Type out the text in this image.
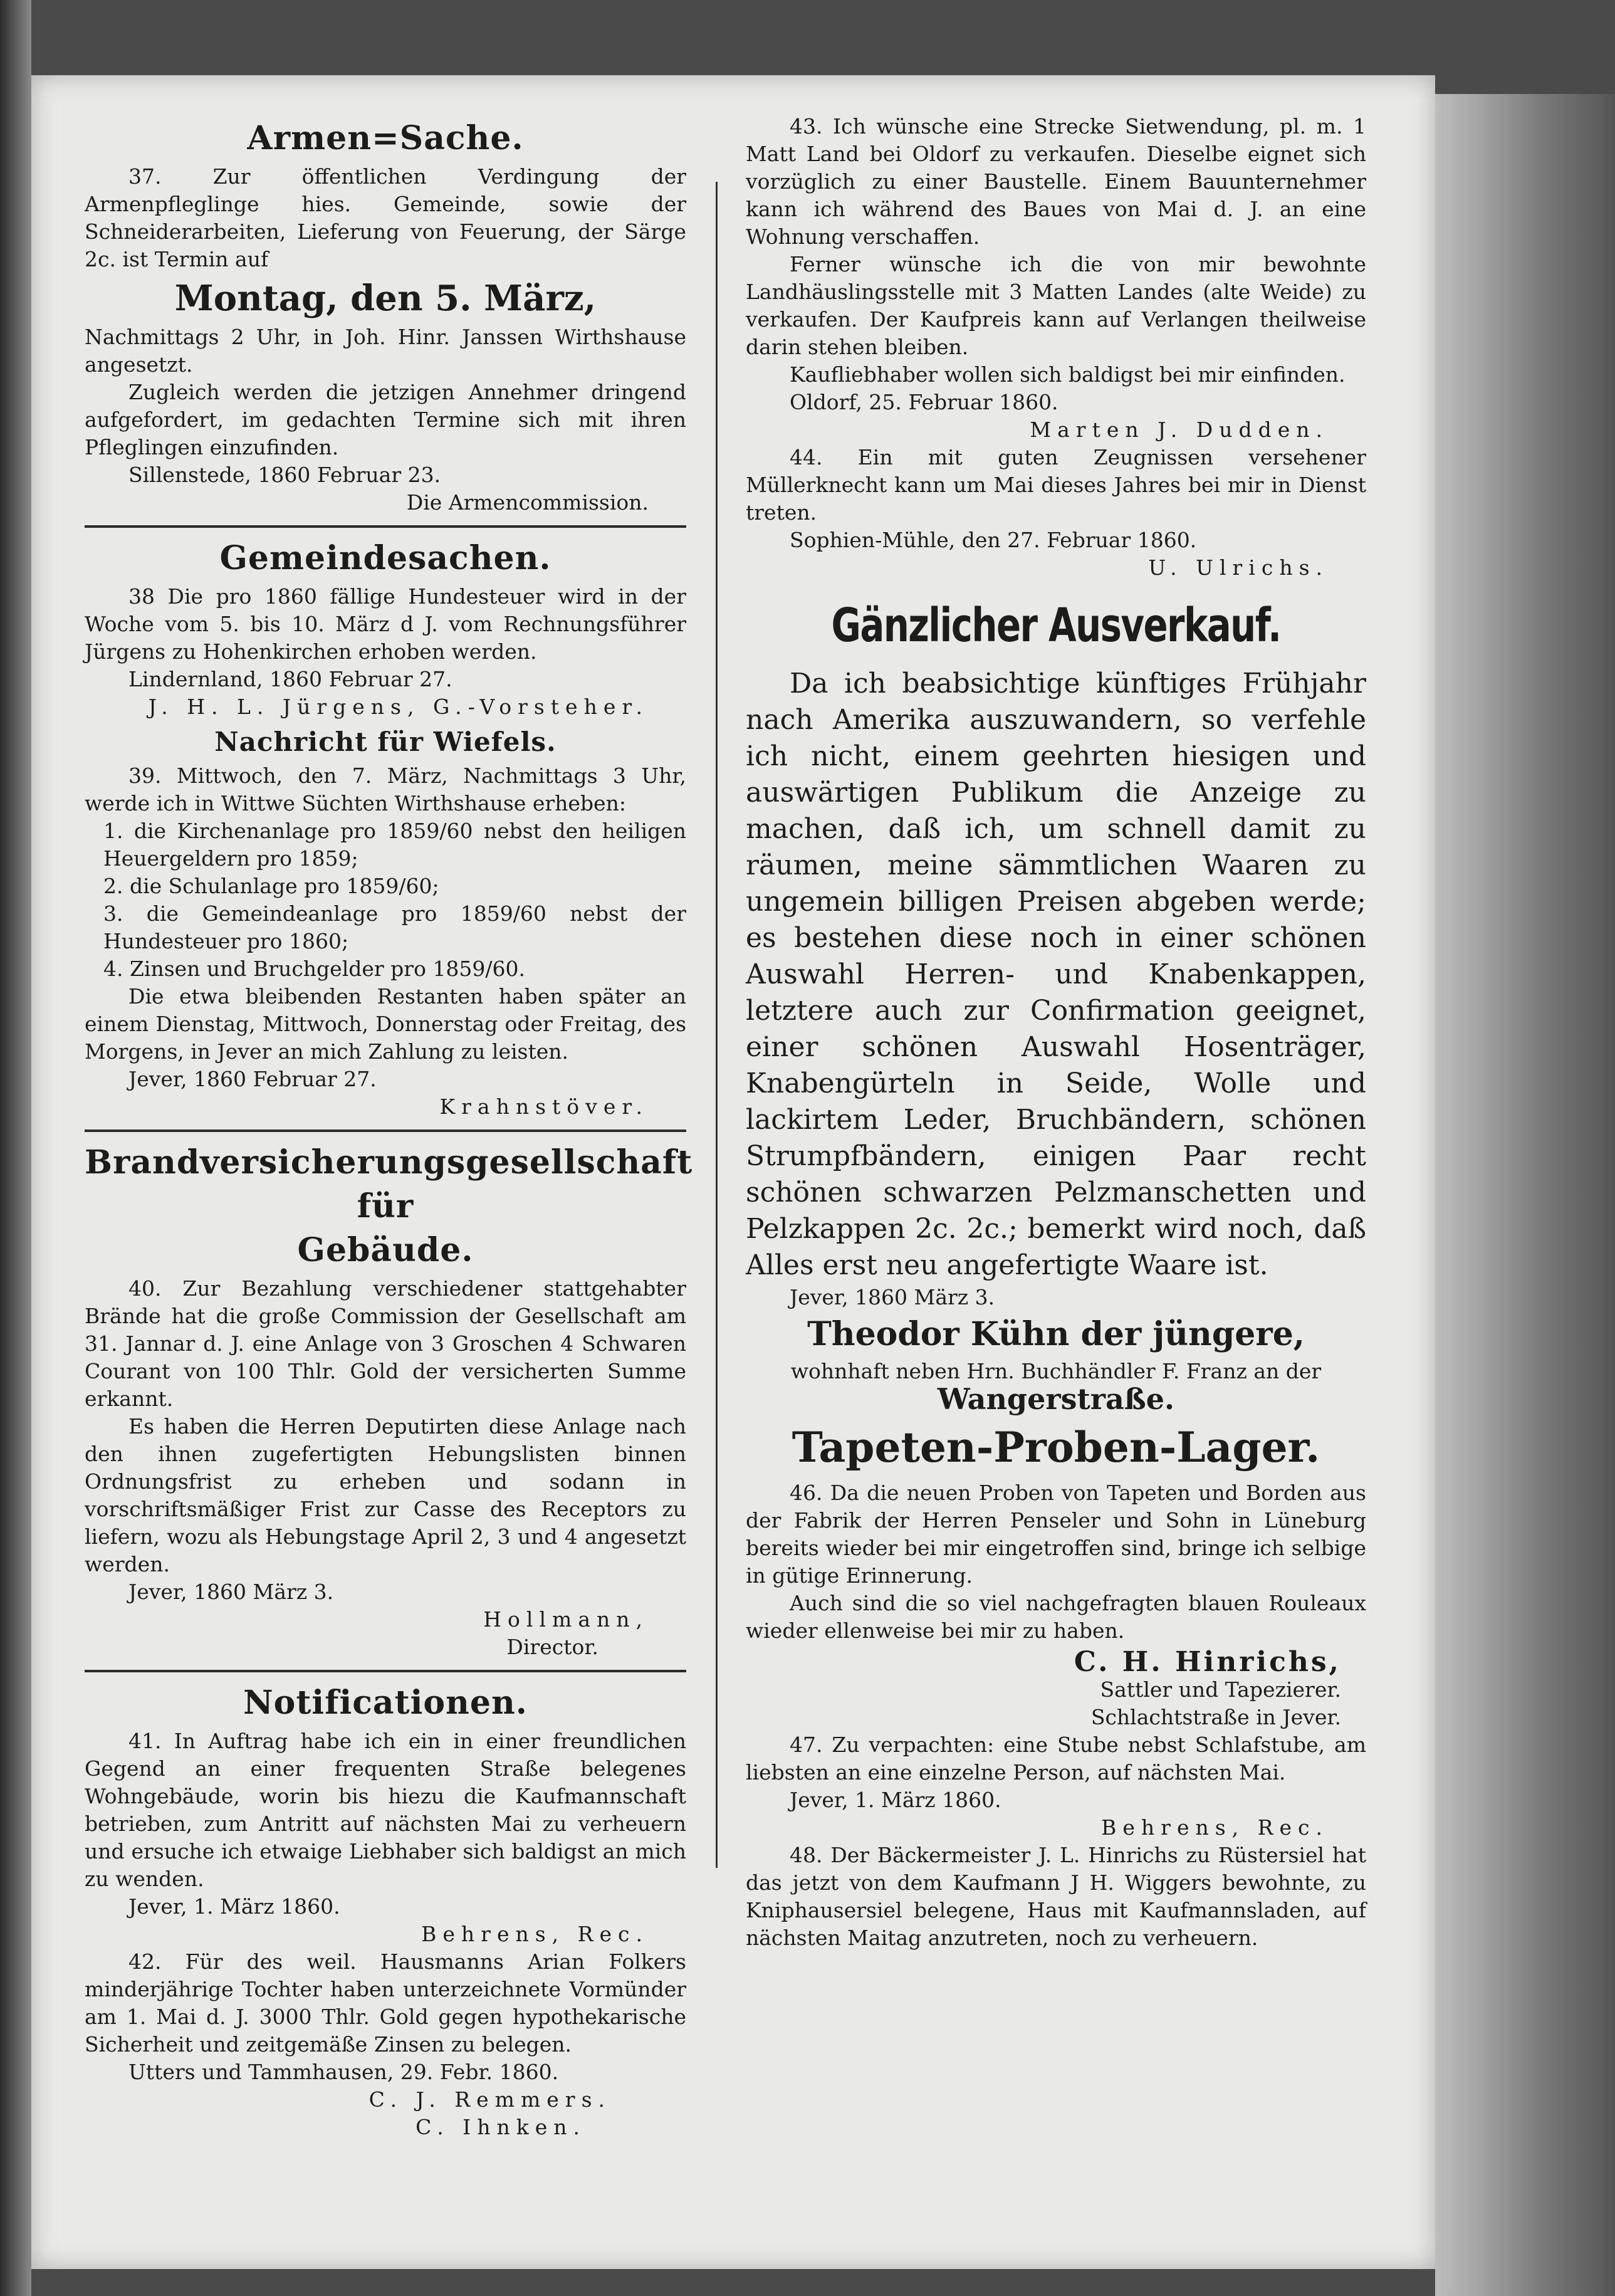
Armen=Sache.

37. Zur öffentlichen Verdingung der Armenpfleglinge hies. Gemeinde, sowie der Schneiderarbeiten, Lieferung von Feuerung, der Särge 2c. ist Termin auf

Montag, den 5. März,

Nachmittags 2 Uhr, in Joh. Hinr. Janssen Wirthshause angesetzt.

Zugleich werden die jetzigen Annehmer dringend aufgefordert, im gedachten Termine sich mit ihren Pfleglingen einzufinden.

Sillenstede, 1860 Februar 23.

Die Armencommission.

Gemeindesachen.

38 Die pro 1860 fällige Hundesteuer wird in der Woche vom 5. bis 10. März d J. vom Rechnungsführer Jürgens zu Hohenkirchen erhoben werden.

Lindernland, 1860 Februar 27.

J. H. L. Jürgens, G.-Vorsteher.

Nachricht für Wiefels.

39. Mittwoch, den 7. März, Nachmittags 3 Uhr, werde ich in Wittwe Süchten Wirthshause erheben:

1. die Kirchenanlage pro 1859/60 nebst den heiligen Heuergeldern pro 1859;

2. die Schulanlage pro 1859/60;

3. die Gemeindeanlage pro 1859/60 nebst der Hundesteuer pro 1860;

4. Zinsen und Bruchgelder pro 1859/60.

Die etwa bleibenden Restanten haben später an einem Dienstag, Mittwoch, Donnerstag oder Freitag, des Morgens, in Jever an mich Zahlung zu leisten.

Jever, 1860 Februar 27.

Krahnstöver.

Brandversicherungsgesellschaft für
Gebäude.

40. Zur Bezahlung verschiedener stattgehabter Brände hat die große Commission der Gesellschaft am 31. Jannar d. J. eine Anlage von 3 Groschen 4 Schwaren Courant von 100 Thlr. Gold der versicherten Summe erkannt.

Es haben die Herren Deputirten diese Anlage nach den ihnen zugefertigten Hebungslisten binnen Ordnungsfrist zu erheben und sodann in vorschriftsmäßiger Frist zur Casse des Receptors zu liefern, wozu als Hebungstage April 2, 3 und 4 angesetzt werden.

Jever, 1860 März 3.

Hollmann,

Director.

Notificationen.

41. In Auftrag habe ich ein in einer freundlichen Gegend an einer frequenten Straße belegenes Wohngebäude, worin bis hiezu die Kaufmannschaft betrieben, zum Antritt auf nächsten Mai zu verheuern und ersuche ich etwaige Liebhaber sich baldigst an mich zu wenden.

Jever, 1. März 1860.

Behrens, Rec.

42. Für des weil. Hausmanns Arian Folkers minderjährige Tochter haben unterzeichnete Vormünder am 1. Mai d. J. 3000 Thlr. Gold gegen hypothekarische Sicherheit und zeitgemäße Zinsen zu belegen.

Utters und Tammhausen, 29. Febr. 1860.

C. J. Remmers.

C. Ihnken.

43. Ich wünsche eine Strecke Sietwendung, pl. m. 1 Matt Land bei Oldorf zu verkaufen. Dieselbe eignet sich vorzüglich zu einer Baustelle. Einem Bauunternehmer kann ich während des Baues von Mai d. J. an eine Wohnung verschaffen.

Ferner wünsche ich die von mir bewohnte Landhäuslingsstelle mit 3 Matten Landes (alte Weide) zu verkaufen. Der Kaufpreis kann auf Verlangen theilweise darin stehen bleiben.

Kaufliebhaber wollen sich baldigst bei mir einfinden.

Oldorf, 25. Februar 1860.

Marten J. Dudden.

44. Ein mit guten Zeugnissen versehener Müllerknecht kann um Mai dieses Jahres bei mir in Dienst treten.

Sophien-Mühle, den 27. Februar 1860.

U. Ulrichs.

Gänzlicher Ausverkauf.

Da ich beabsichtige künftiges Frühjahr nach Amerika auszuwandern, so verfehle ich nicht, einem geehrten hiesigen und auswärtigen Publikum die Anzeige zu machen, daß ich, um schnell damit zu räumen, meine sämmtlichen Waaren zu ungemein billigen Preisen abgeben werde; es bestehen diese noch in einer schönen Auswahl Herren- und Knabenkappen, letztere auch zur Confirmation geeignet, einer schönen Auswahl Hosenträger, Knabengürteln in Seide, Wolle und lackirtem Leder, Bruchbändern, schönen Strumpfbändern, einigen Paar recht schönen schwarzen Pelzmanschetten und Pelzkappen 2c. 2c.; bemerkt wird noch, daß Alles erst neu angefertigte Waare ist.

Jever, 1860 März 3.

Theodor Kühn der jüngere,

wohnhaft neben Hrn. Buchhändler F. Franz an der

Wangerstraße.
Tapeten-Proben-Lager.

46. Da die neuen Proben von Tapeten und Borden aus der Fabrik der Herren Penseler und Sohn in Lüneburg bereits wieder bei mir eingetroffen sind, bringe ich selbige in gütige Erinnerung.

Auch sind die so viel nachgefragten blauen Rouleaux wieder ellenweise bei mir zu haben.

C. H. Hinrichs,

Sattler und Tapezierer.

Schlachtstraße in Jever.

47. Zu verpachten: eine Stube nebst Schlafstube, am liebsten an eine einzelne Person, auf nächsten Mai.

Jever, 1. März 1860.

Behrens, Rec.

48. Der Bäckermeister J. L. Hinrichs zu Rüstersiel hat das jetzt von dem Kaufmann J H. Wiggers bewohnte, zu Kniphausersiel belegene, Haus mit Kaufmannsladen, auf nächsten Maitag anzutreten, noch zu verheuern.
